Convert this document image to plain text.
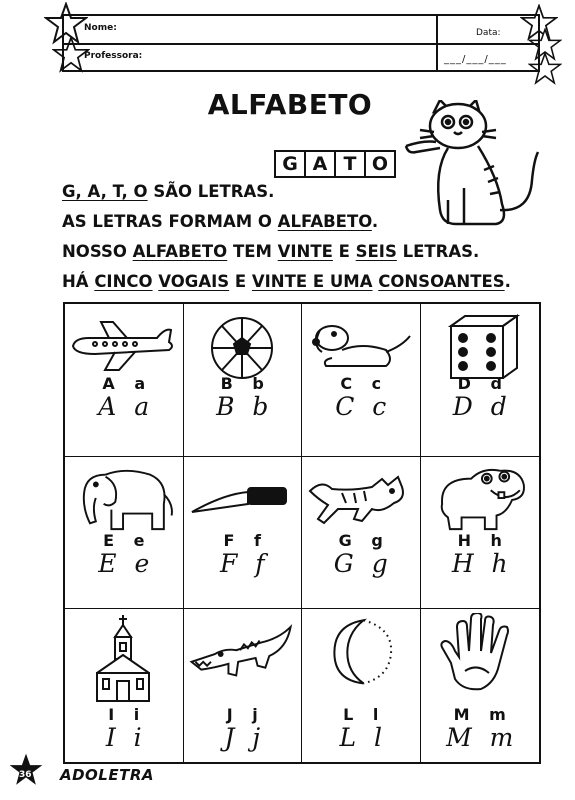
Nome:
Professora:
Data:
___/___/___
ALFABETO
G A T O
G, A, T, O SÃO LETRAS.
AS LETRAS FORMAM O ALFABETO.
NOSSO ALFABETO TEM VINTE E SEIS LETRAS.
HÁ CINCO VOGAIS E VINTE E UMA CONSOANTES.
A a
A a
B b
B b
C c
C c
D d
D d
E e
E e
F f
F f
G g
G g
H h
H h
I i
I i
J j
J j
L l
L l
M m
M m
36 ADOLETRA
